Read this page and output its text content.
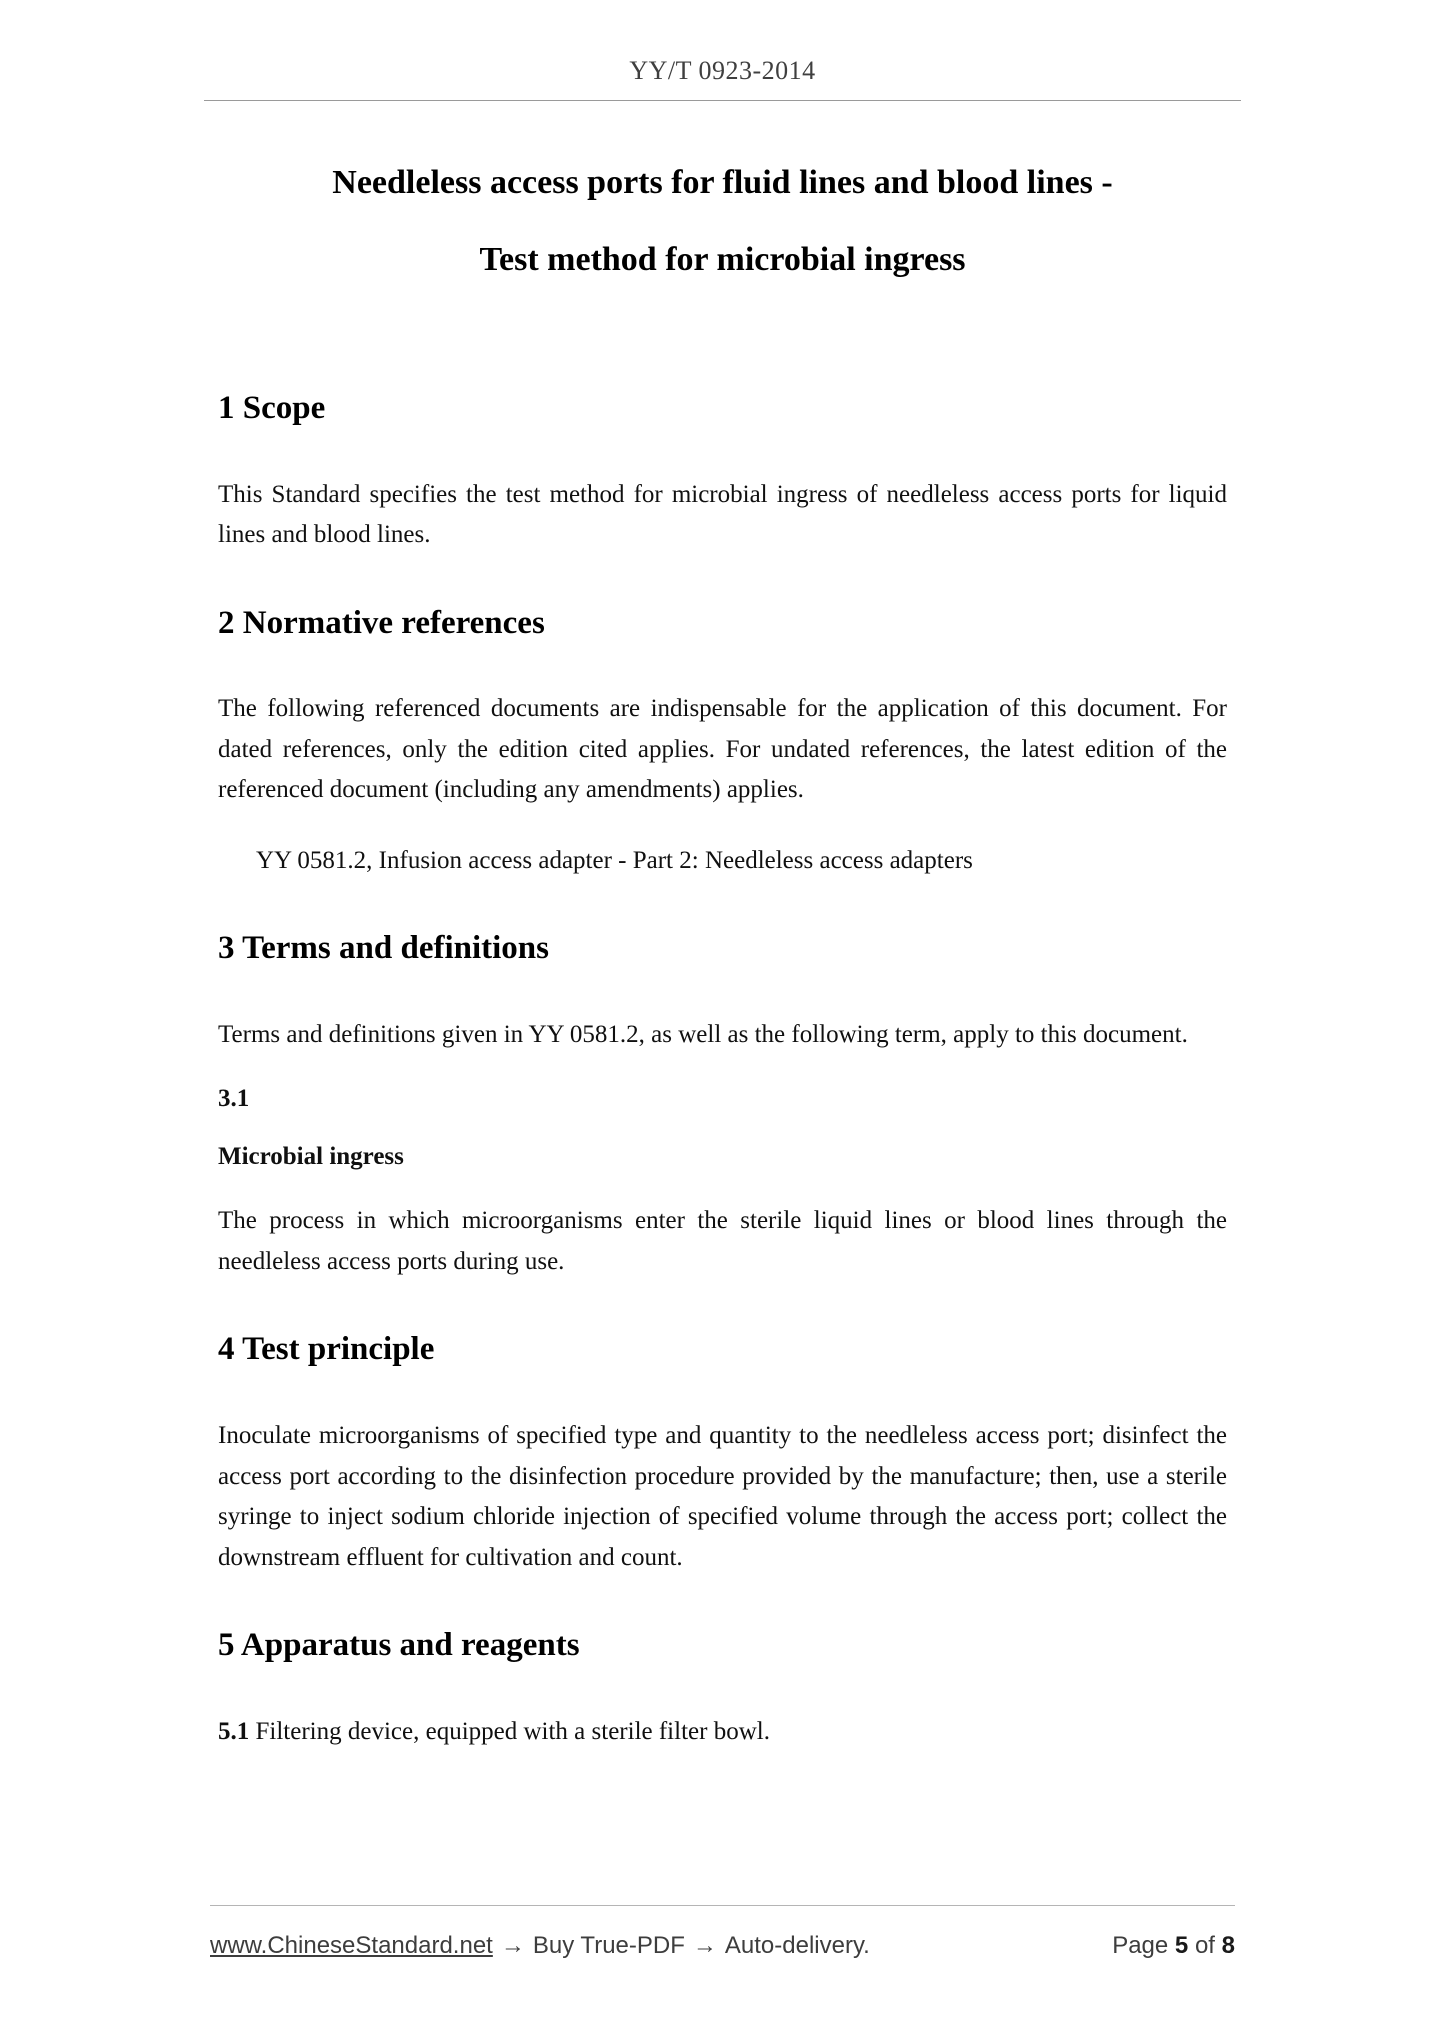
YY/T 0923-2014
Needleless access ports for fluid lines and blood lines -
Test method for microbial ingress
1 Scope

This Standard specifies the test method for microbial ingress of needleless access ports for liquid lines and blood lines.

2 Normative references

The following referenced documents are indispensable for the application of this document. For dated references, only the edition cited applies. For undated references, the latest edition of the referenced document (including any amendments) applies.

YY 0581.2, Infusion access adapter - Part 2: Needleless access adapters

3 Terms and definitions

Terms and definitions given in YY 0581.2, as well as the following term, apply to this document.

3.1

Microbial ingress

The process in which microorganisms enter the sterile liquid lines or blood lines through the needleless access ports during use.

4 Test principle

Inoculate microorganisms of specified type and quantity to the needleless access port; disinfect the access port according to the disinfection procedure provided by the manufacture; then, use a sterile syringe to inject sodium chloride injection of specified volume through the access port; collect the downstream effluent for cultivation and count.

5 Apparatus and reagents

5.1 Filtering device, equipped with a sterile filter bowl.

www.ChineseStandard.net → Buy True-PDF → Auto-delivery.	Page 5 of 8
